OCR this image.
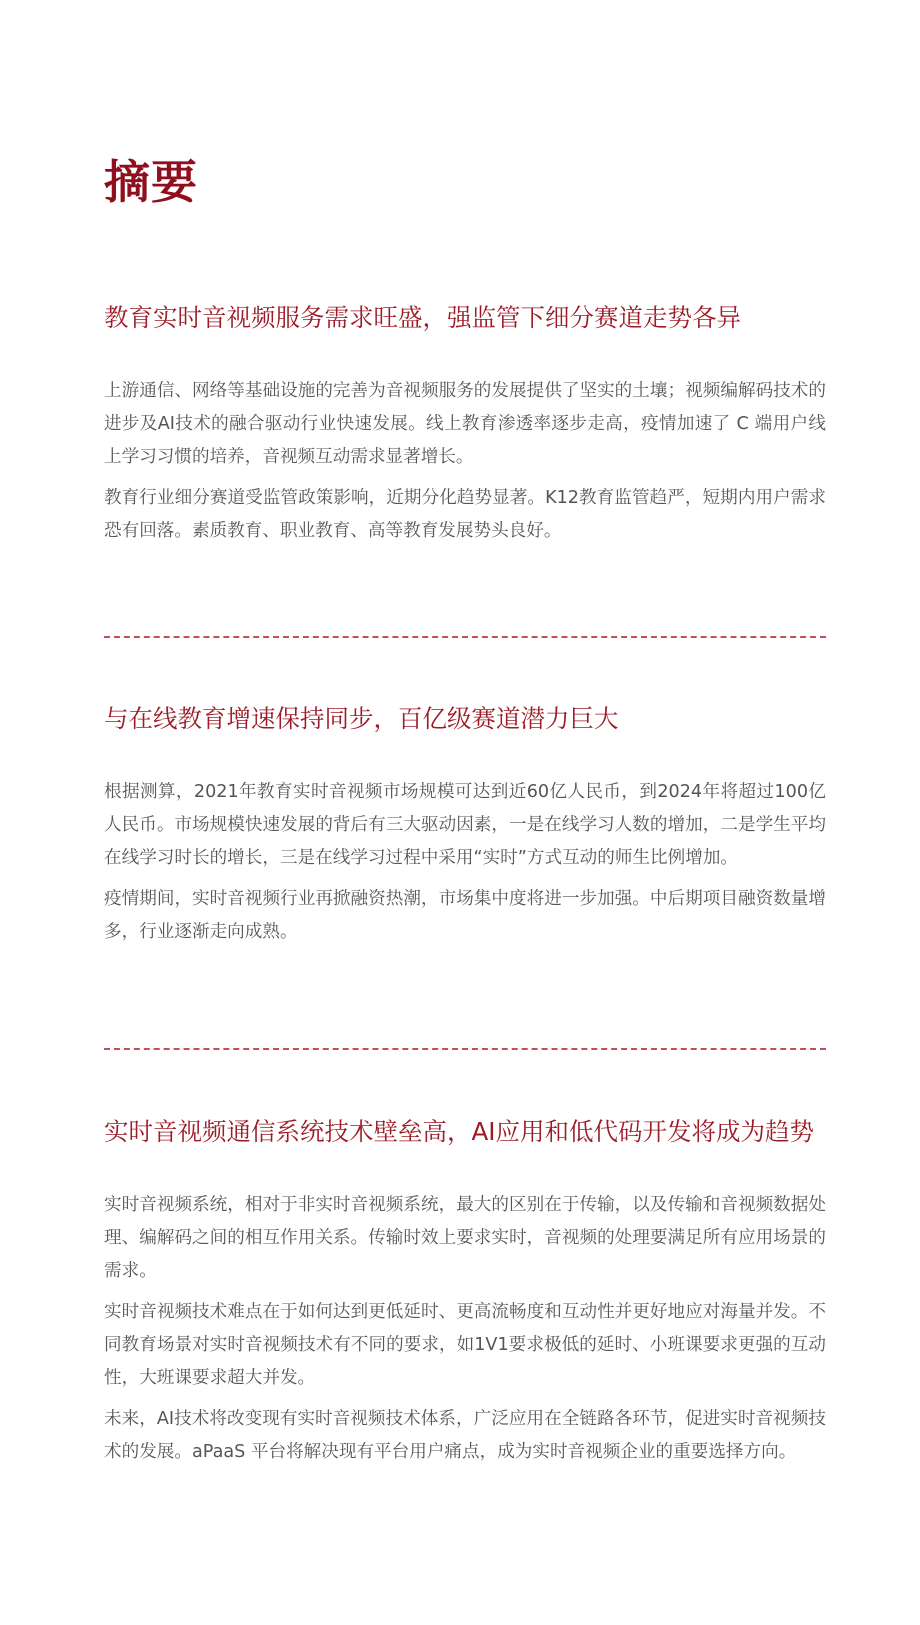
摘要
教育实时音视频服务需求旺盛，强监管下细分赛道走势各异

上游通信、网络等基础设施的完善为音视频服务的发展提供了坚实的土壤；视频编解码技术的进步及AI技术的融合驱动行业快速发展。线上教育渗透率逐步走高，疫情加速了 C 端用户线上学习习惯的培养，音视频互动需求显著增长。

教育行业细分赛道受监管政策影响，近期分化趋势显著。K12教育监管趋严，短期内用户需求恐有回落。素质教育、职业教育、高等教育发展势头良好。

与在线教育增速保持同步，百亿级赛道潜力巨大

根据测算，2021年教育实时音视频市场规模可达到近60亿人民币，到2024年将超过100亿人民币。市场规模快速发展的背后有三大驱动因素，一是在线学习人数的增加，二是学生平均在线学习时长的增长，三是在线学习过程中采用“实时”方式互动的师生比例增加。

疫情期间，实时音视频行业再掀融资热潮，市场集中度将进一步加强。中后期项目融资数量增多，行业逐渐走向成熟。

实时音视频通信系统技术壁垒高，AI应用和低代码开发将成为趋势

实时音视频系统，相对于非实时音视频系统，最大的区别在于传输，以及传输和音视频数据处理、编解码之间的相互作用关系。传输时效上要求实时，音视频的处理要满足所有应用场景的需求。

实时音视频技术难点在于如何达到更低延时、更高流畅度和互动性并更好地应对海量并发。不同教育场景对实时音视频技术有不同的要求，如1V1要求极低的延时、小班课要求更强的互动性，大班课要求超大并发。

未来，AI技术将改变现有实时音视频技术体系，广泛应用在全链路各环节，促进实时音视频技术的发展。aPaaS 平台将解决现有平台用户痛点，成为实时音视频企业的重要选择方向。
